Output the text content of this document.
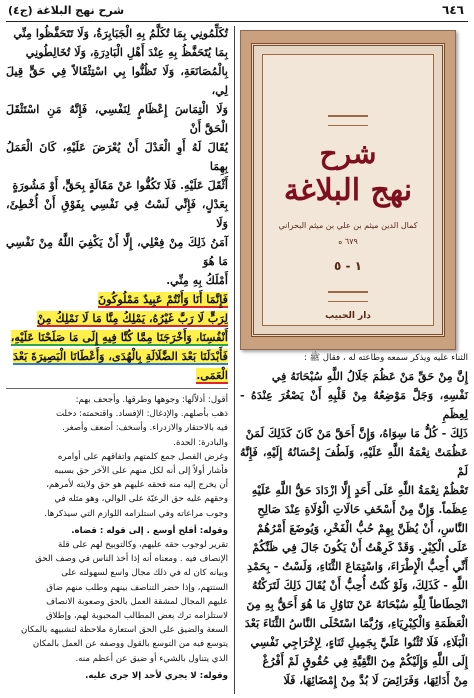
٦٤٦
شرح نهج البلاغة (ج٤)

تُكَلِّمُونِي بِمَا تُكَلَّمُ بِهِ الْجَبَابِرَةُ، وَلَا تَتَحَفَّظُوا مِنِّي

بِمَا يُتَحَفَّظُ بِهِ عِنْدَ أَهْلِ الْبَادِرَةِ، وَلَا تُخَالِطُونِي

بِالْمُصَانَعَةِ، وَلَا تَظُنُّوا بِي اسْتِثْقَالاً فِي حَقٍّ قِيلَ لِي،

وَلَا الْتِمَاسَ إِعْظَامٍ لِنَفْسِي، فَإِنَّهُ مَنِ اسْتَثْقَلَ الْحَقَّ أَنْ

يُقَالَ لَهُ أَوِ الْعَدْلَ أَنْ يُعْرَضَ عَلَيْهِ، كَانَ الْعَمَلُ بِهِمَا

أَثْقَلَ عَلَيْهِ. فَلَا تَكُفُّوا عَنْ مَقَالَةٍ بِحَقٍّ، أَوْ مَشُورَةٍ

بِعَدْلٍ، فَإِنِّي لَسْتُ فِي نَفْسِي بِفَوْقِ أَنْ أُخْطِئَ، وَلَا

آمَنُ ذَلِكَ مِنْ فِعْلِي، إِلَّا أَنْ يَكْفِيَ اللَّهُ مِنْ نَفْسِي مَا هُوَ

أَمْلَكُ بِهِ مِنِّي.

فَإِنَّمَا أَنَا وَأَنْتُمْ عَبِيدٌ مَمْلُوكُونَ

لِرَبٍّ لَا رَبَّ غَيْرُهُ، يَمْلِكُ مِنَّا مَا لَا نَمْلِكُ مِنْ

أَنْفُسِنَا، وَأَخْرَجَنَا مِمَّا كُنَّا فِيهِ إِلَى مَا صَلَحْنَا عَلَيْهِ،

فَأَبْدَلَنَا بَعْدَ الضَّلَالَةِ بِالْهُدَى، وَأَعْطَانَا الْبَصِيرَةَ بَعْدَ

الْعَمَى.

أقول: أذلاّلها: وجوهها وطرقها. وأجحف بهم:

ذهب بأصلهم. والإدغال: الإفساد. واقتحمته: دخلت

فيه بالاحتقار والازدراء. وأسخف: أضعف وأصغر.

والبادرة: الحدة.

وغرض الفصل جمع كلمتهم واتفاقهم على أوامره

فأشار أولاً إلى أنه لكل منهم على الآخر حق بسببه

أن يخرج إليه منه فحقه عليهم هو حق ولايته لأمرهم،

وحقهم عليه حق الرعيّة على الوالي، وهو مثله في

وجوب مراعاته وفي استلزامه اللوازم التي سيذكرها.

وقوله: أفلح أوسع . إلى قوله : قضاه.

تقرير لوجوب حقه عليهم، وكالتوبيخ لهم على قلة

الإنصاف فيه . ومعناه أنه إذا أخذ الناس في وصف الحق

وبيانه كان له في ذلك مجال واسع لسهولته على

السنتهم، وإذا حضر التناصف بينهم وطلب منهم ضاق

عليهم المجال لمشقة العمل بالحق وصعوبة الانصاف

لاستلزامه ترك بعض المطالب المحبوبة لهم، وإطلاق

السعة والضيق على الحق استعارة ملاحظة لتشبيهه بالمكان

يتوسع فيه من التوسع بالقول ووصفه عن العمل بالمكان

الذي يتناول بالشيء أو ضيق عن أعظم منه.

وقوله: لا يجري لأحد إلا جرى عليه.

شرح
نهج البلاغة
كمال الدين ميثم بن علي بن ميثم البحراني
٦٧٩ ه
١ - ٥
دار الحبيب

الثناء عليه ويذكر سمعه وطاعته له ، فقال ﷺ :

إِنَّ مِنْ حَقِّ مَنْ عَظُمَ جَلَالُ اللَّهِ سُبْحَانَهُ فِي

نَفْسِهِ، وَجَلَّ مَوْضِعُهُ مِنْ قَلْبِهِ أَنْ يَصْغُرَ عِنْدَهُ - لِعِظَمِ

ذَلِكَ - كُلُّ مَا سِوَاهُ، وَإِنَّ أَحَقَّ مَنْ كَانَ كَذَلِكَ لَمَنْ

عَظُمَتْ نِعْمَةُ اللَّهِ عَلَيْهِ، وَلَطُفَ إِحْسَانُهُ إِلَيْهِ، فَإِنَّهُ لَمْ

تَعْظُمْ نِعْمَةُ اللَّهِ عَلَى أَحَدٍ إِلَّا ازْدَادَ حَقُّ اللَّهِ عَلَيْهِ

عِظَماً. وَإِنَّ مِنْ أَسْخَفِ حَالَاتِ الْوُلَاةِ عِنْدَ صَالِحِ

النَّاسِ، أَنْ يُظَنَّ بِهِمْ حُبُّ الْفَخْرِ، وَيُوضَعَ أَمْرُهُمْ

عَلَى الْكِبْرِ. وَقَدْ كَرِهْتُ أَنْ يَكُونَ جَالَ فِي ظَنِّكُمْ

أَنِّي أُحِبُّ الْإِطْرَاءَ، وَاسْتِمَاعَ الثَّنَاءِ، وَلَسْتُ - بِحَمْدِ

اللَّهِ - كَذَلِكَ، وَلَوْ كُنْتُ أُحِبُّ أَنْ يُقَالَ ذَلِكَ لَتَرَكْتُهُ

انْحِطَاطاً لِلَّهِ سُبْحَانَهُ عَنْ تَنَاوُلِ مَا هُوَ أَحَقُّ بِهِ مِنَ

الْعَظَمَةِ وَالْكِبْرِيَاءِ، وَرُبَّمَا اسْتَحْلَى النَّاسُ الثَّنَاءَ بَعْدَ

الْبَلَاءِ، فَلَا تُثْنُوا عَلَيَّ بِجَمِيلِ ثَنَاءٍ، لِإِخْرَاجِي نَفْسِي

إِلَى اللَّهِ وَإِلَيْكُمْ مِنَ التَّقِيَّةِ فِي حُقُوقٍ لَمْ أَفْرُغْ

مِنْ أَدَائِهَا، وَفَرَائِضَ لَا بُدَّ مِنْ إِمْضَائِهَا، فَلَا
